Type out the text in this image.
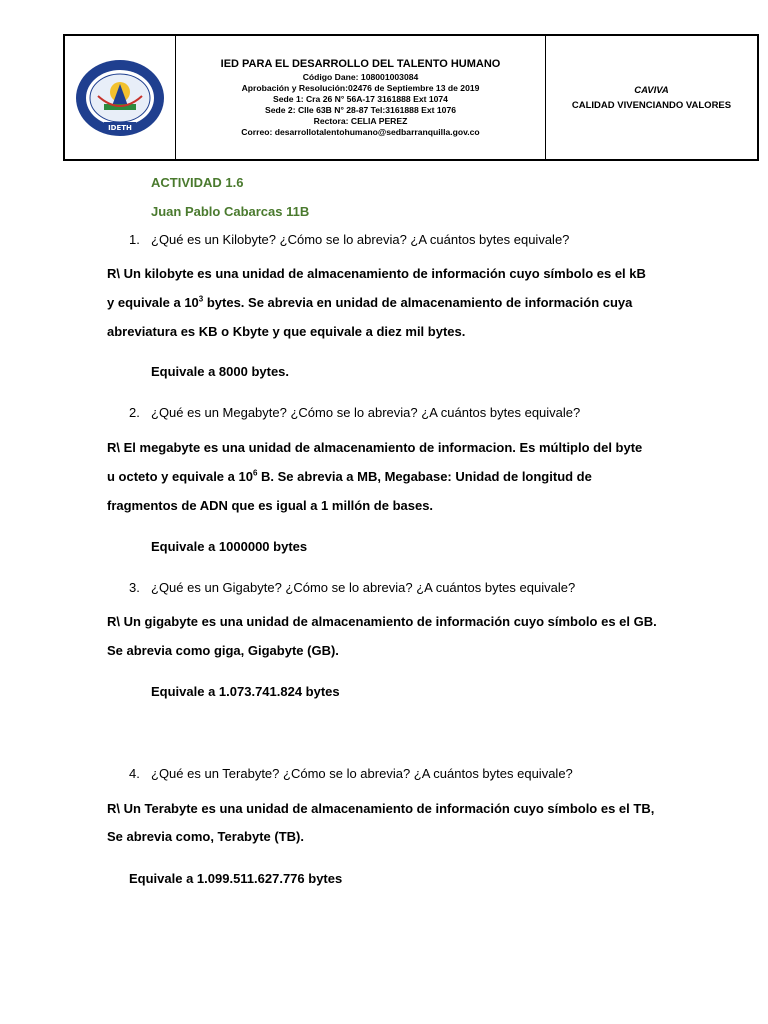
IDETH
IED PARA EL DESARROLLO DEL TALENTO HUMANO
Código Dane: 108001003084
Aprobación y Resolución:02476 de Septiembre 13 de 2019
Sede 1: Cra 26 N° 56A-17 3161888 Ext 1074
Sede 2: Clle 63B N° 28-87 Tel:3161888 Ext 1076
Rectora: CELIA PEREZ
Correo: desarrollotalentohumano@sedbarranquilla.gov.co
CAVIVA
CALIDAD VIVENCIANDO VALORES
ACTIVIDAD 1.6
Juan Pablo Cabarcas 11B
1. ¿Qué es un Kilobyte? ¿Cómo se lo abrevia? ¿A cuántos bytes equivale?
R\ Un kilobyte es una unidad de almacenamiento de información cuyo símbolo es el kB
y equivale a $10^3$ bytes. Se abrevia en unidad de almacenamiento de información cuya
abreviatura es KB o Kbyte y que equivale a diez mil bytes.
Equivale a 8000 bytes.
2. ¿Qué es un Megabyte? ¿Cómo se lo abrevia? ¿A cuántos bytes equivale?
R\ El megabyte es una unidad de almacenamiento de informacion. Es múltiplo del byte
u octeto y equivale a $10^6$ B. Se abrevia a MB, Megabase: Unidad de longitud de
fragmentos de ADN que es igual a 1 millón de bases.
Equivale a 1000000 bytes
3. ¿Qué es un Gigabyte? ¿Cómo se lo abrevia? ¿A cuántos bytes equivale?
R\ Un gigabyte es una unidad de almacenamiento de información cuyo símbolo es el GB.
Se abrevia como giga, Gigabyte (GB).
Equivale a 1.073.741.824 bytes
4. ¿Qué es un Terabyte? ¿Cómo se lo abrevia? ¿A cuántos bytes equivale?
R\ Un Terabyte es una unidad de almacenamiento de información cuyo símbolo es el TB,
Se abrevia como, Terabyte (TB).
Equivale a 1.099.511.627.776 bytes
